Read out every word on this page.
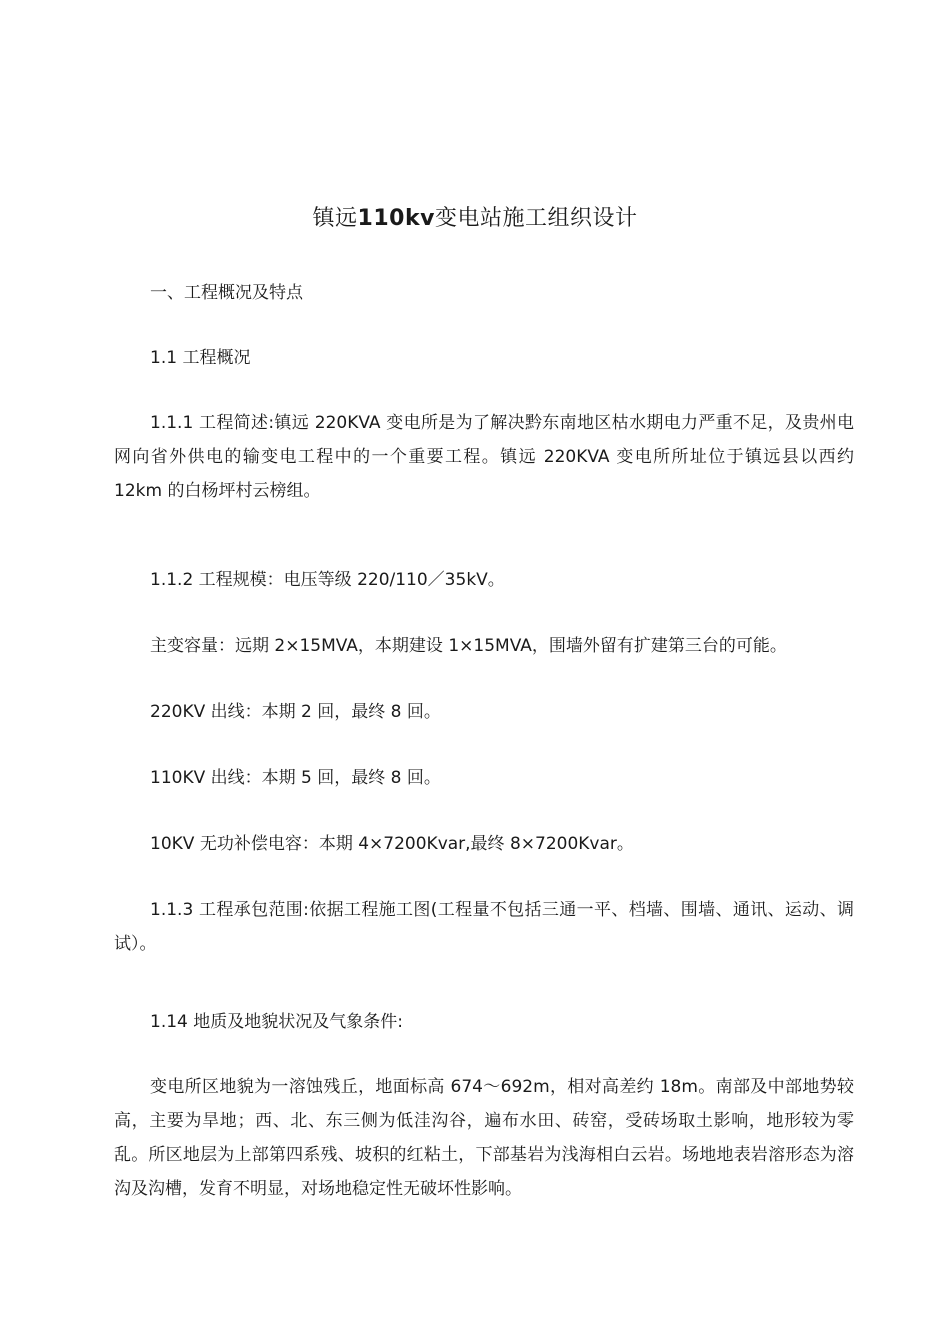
镇远110kv变电站施工组织设计
一、工程概况及特点
1.1 工程概况
1.1.1 工程简述:镇远 220KVA 变电所是为了解决黔东南地区枯水期电力严重不足，及贵州电网向省外供电的输变电工程中的一个重要工程。镇远 220KVA 变电所所址位于镇远县以西约 12km 的白杨坪村云榜组。
1.1.2 工程规模：电压等级 220/110／35kV。
主变容量：远期 2×15MVA，本期建设 1×15MVA，围墙外留有扩建第三台的可能。
220KV 出线：本期 2 回，最终 8 回。
110KV 出线：本期 5 回，最终 8 回。
10KV 无功补偿电容：本期 4×7200Kvar,最终 8×7200Kvar。
1.1.3 工程承包范围:依据工程施工图(工程量不包括三通一平、档墙、围墙、通讯、运动、调试）。
1.14 地质及地貌状况及气象条件:
变电所区地貌为一溶蚀残丘，地面标高 674～692m，相对高差约 18m。南部及中部地势较高，主要为旱地；西、北、东三侧为低洼沟谷，遍布水田、砖窑，受砖场取土影响，地形较为零乱。所区地层为上部第四系残、坡积的红粘土，下部基岩为浅海相白云岩。场地地表岩溶形态为溶沟及沟槽，发育不明显，对场地稳定性无破坏性影响。
